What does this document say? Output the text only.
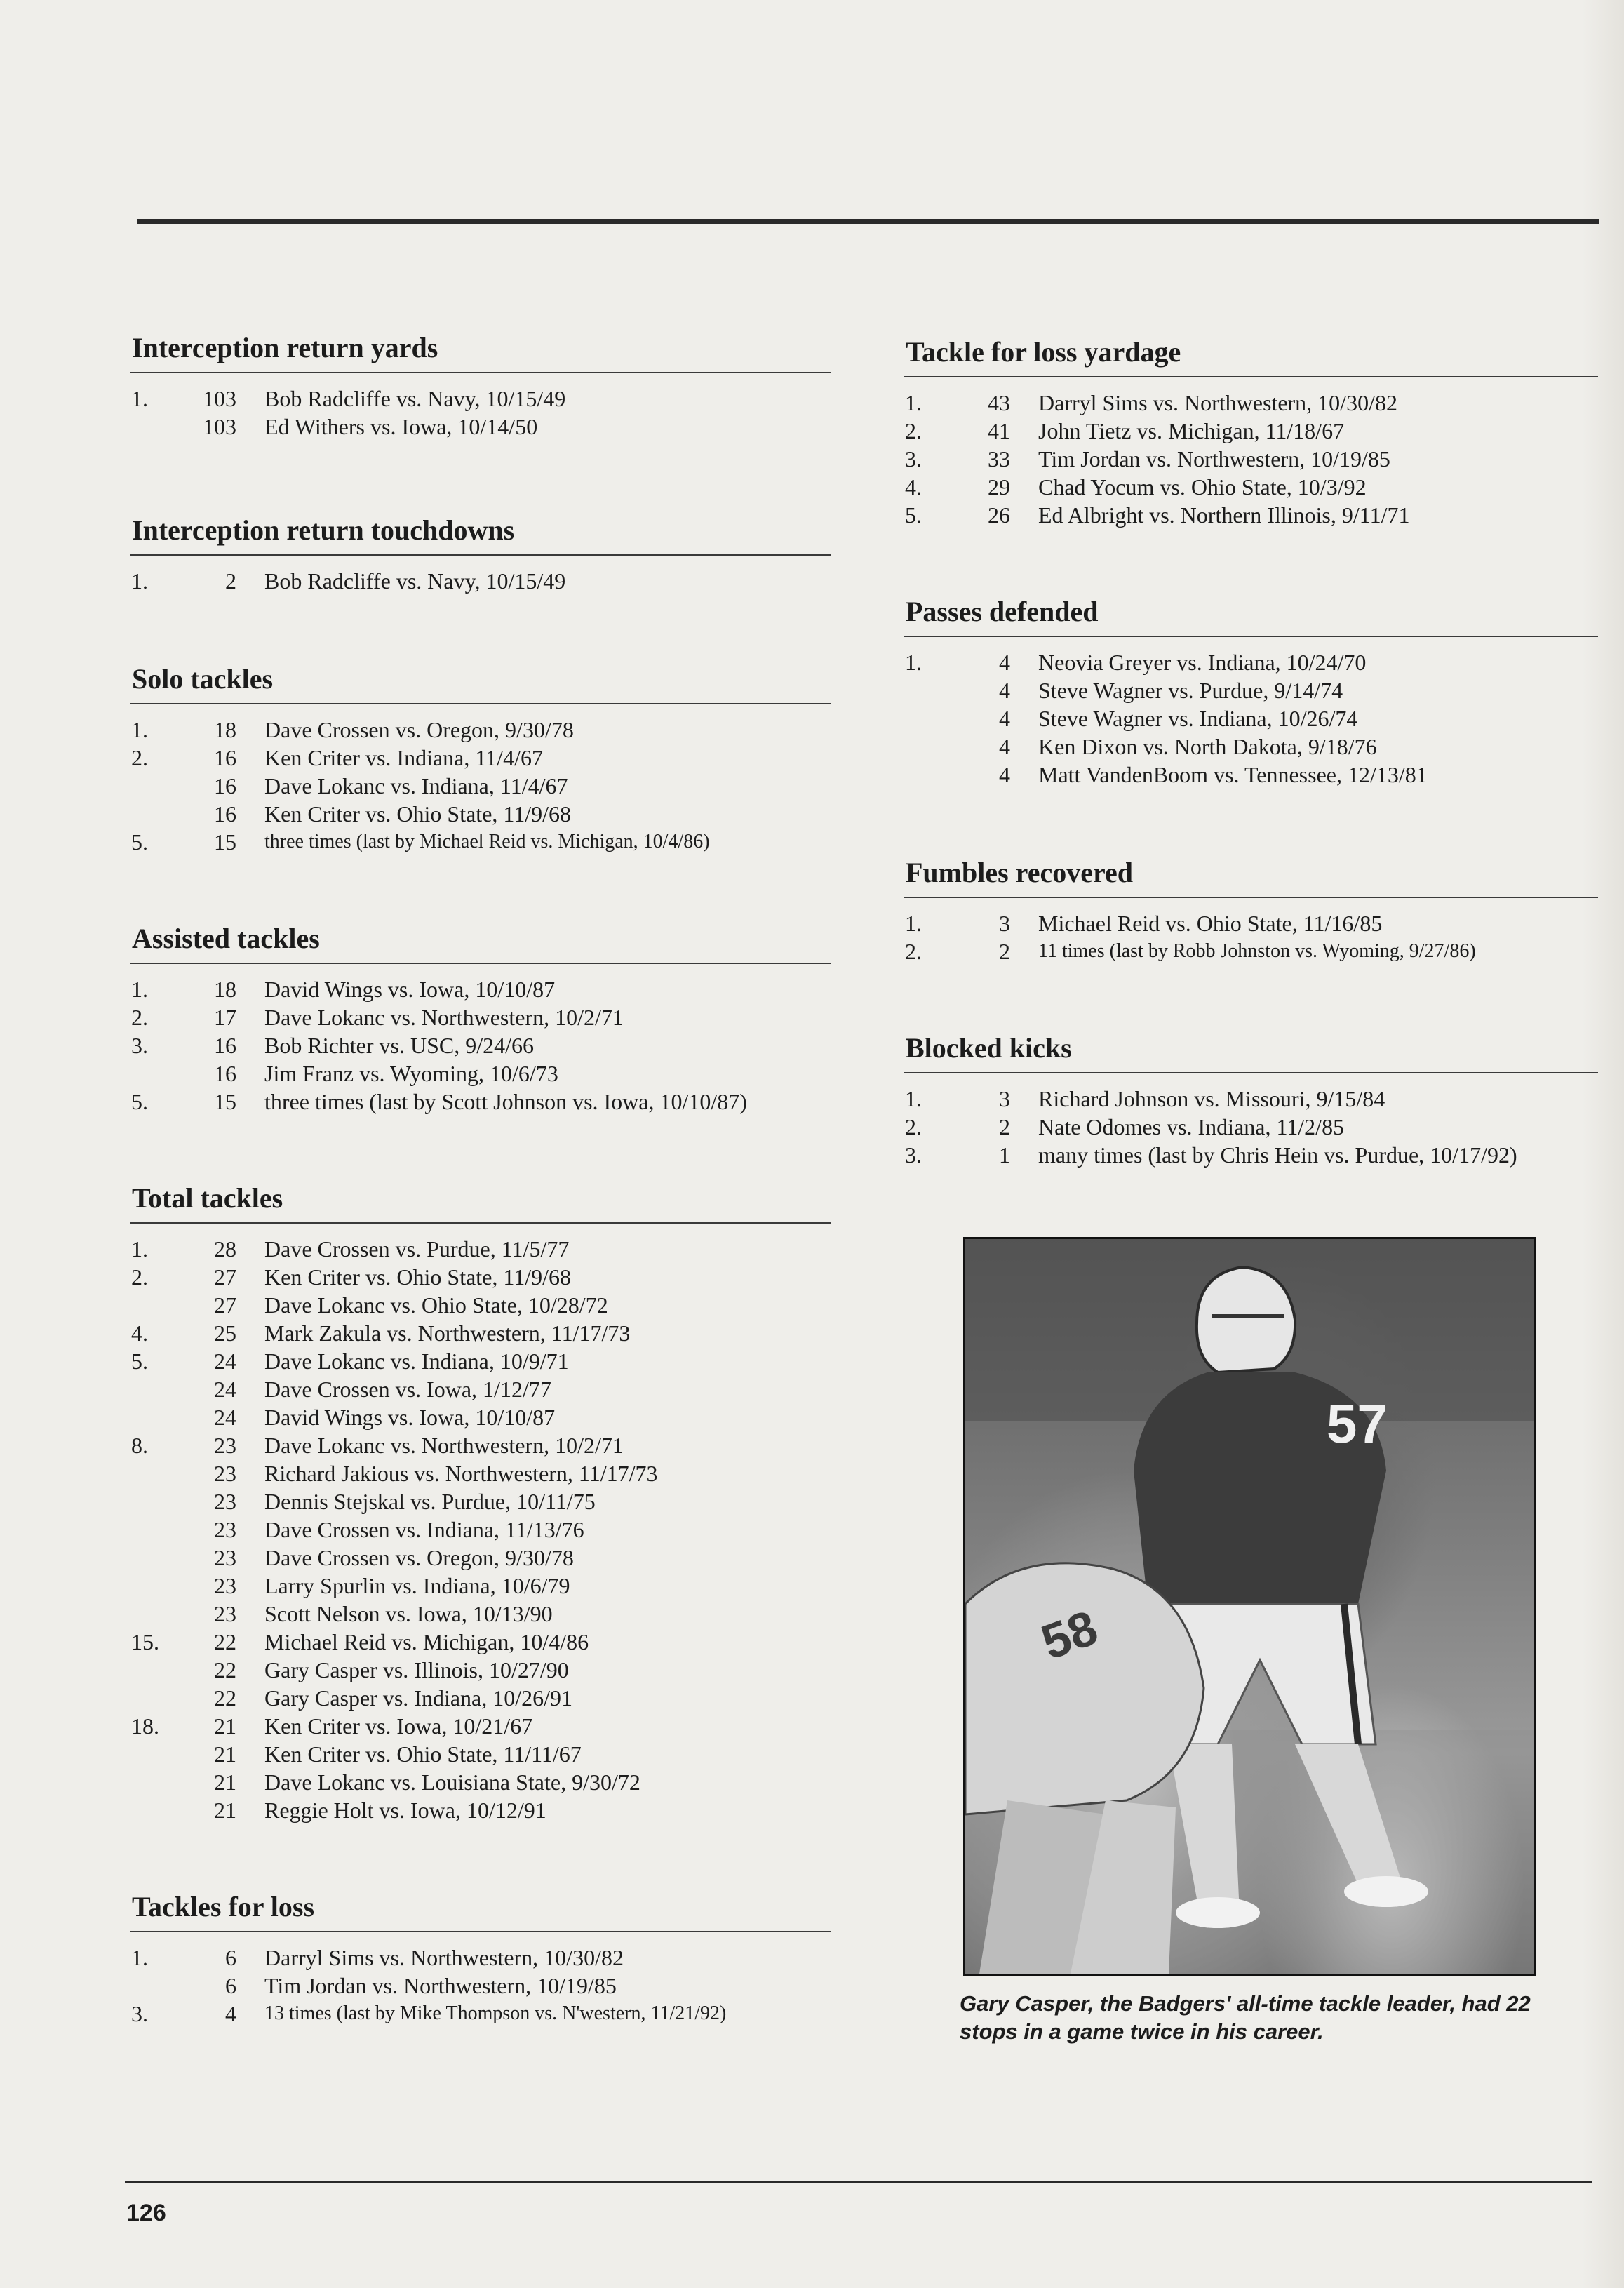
Interception return yards
1.	103	Bob Radcliffe vs. Navy, 10/15/49
103	Ed Withers vs. Iowa, 10/14/50
Interception return touchdowns
1.	2	Bob Radcliffe vs. Navy, 10/15/49
Solo tackles
1.	18	Dave Crossen vs. Oregon, 9/30/78
2.	16	Ken Criter vs. Indiana, 11/4/67
16	Dave Lokanc vs. Indiana, 11/4/67
16	Ken Criter vs. Ohio State, 11/9/68
5.	15	three times (last by Michael Reid vs. Michigan, 10/4/86)
Assisted tackles
1.	18	David Wings vs. Iowa, 10/10/87
2.	17	Dave Lokanc vs. Northwestern, 10/2/71
3.	16	Bob Richter vs. USC, 9/24/66
16	Jim Franz vs. Wyoming, 10/6/73
5.	15	three times (last by Scott Johnson vs. Iowa, 10/10/87)
Total tackles
1.	28	Dave Crossen vs. Purdue, 11/5/77
2.	27	Ken Criter vs. Ohio State, 11/9/68
27	Dave Lokanc vs. Ohio State, 10/28/72
4.	25	Mark Zakula vs. Northwestern, 11/17/73
5.	24	Dave Lokanc vs. Indiana, 10/9/71
24	Dave Crossen vs. Iowa, 1/12/77
24	David Wings vs. Iowa, 10/10/87
8.	23	Dave Lokanc vs. Northwestern, 10/2/71
23	Richard Jakious vs. Northwestern, 11/17/73
23	Dennis Stejskal vs. Purdue, 10/11/75
23	Dave Crossen vs. Indiana, 11/13/76
23	Dave Crossen vs. Oregon, 9/30/78
23	Larry Spurlin vs. Indiana, 10/6/79
23	Scott Nelson vs. Iowa, 10/13/90
15.	22	Michael Reid vs. Michigan, 10/4/86
22	Gary Casper vs. Illinois, 10/27/90
22	Gary Casper vs. Indiana, 10/26/91
18.	21	Ken Criter vs. Iowa, 10/21/67
21	Ken Criter vs. Ohio State, 11/11/67
21	Dave Lokanc vs. Louisiana State, 9/30/72
21	Reggie Holt vs. Iowa, 10/12/91
Tackles for loss
1.	6	Darryl Sims vs. Northwestern, 10/30/82
6	Tim Jordan vs. Northwestern, 10/19/85
3.	4	13 times (last by Mike Thompson vs. N'western, 11/21/92)
Tackle for loss yardage
1.	43	Darryl Sims vs. Northwestern, 10/30/82
2.	41	John Tietz vs. Michigan, 11/18/67
3.	33	Tim Jordan vs. Northwestern, 10/19/85
4.	29	Chad Yocum vs. Ohio State, 10/3/92
5.	26	Ed Albright vs. Northern Illinois, 9/11/71
Passes defended
1.	4	Neovia Greyer vs. Indiana, 10/24/70
4	Steve Wagner vs. Purdue, 9/14/74
4	Steve Wagner vs. Indiana, 10/26/74
4	Ken Dixon vs. North Dakota, 9/18/76
4	Matt VandenBoom vs. Tennessee, 12/13/81
Fumbles recovered
1.	3	Michael Reid vs. Ohio State, 11/16/85
2.	2	11 times (last by Robb Johnston vs. Wyoming, 9/27/86)
Blocked kicks
1.	3	Richard Johnson vs. Missouri, 9/15/84
2.	2	Nate Odomes vs. Indiana, 11/2/85
3.	1	many times (last by Chris Hein vs. Purdue, 10/17/92)
57
58
Gary Casper, the Badgers' all-time tackle leader, had 22 stops in a game twice in his career.
126
